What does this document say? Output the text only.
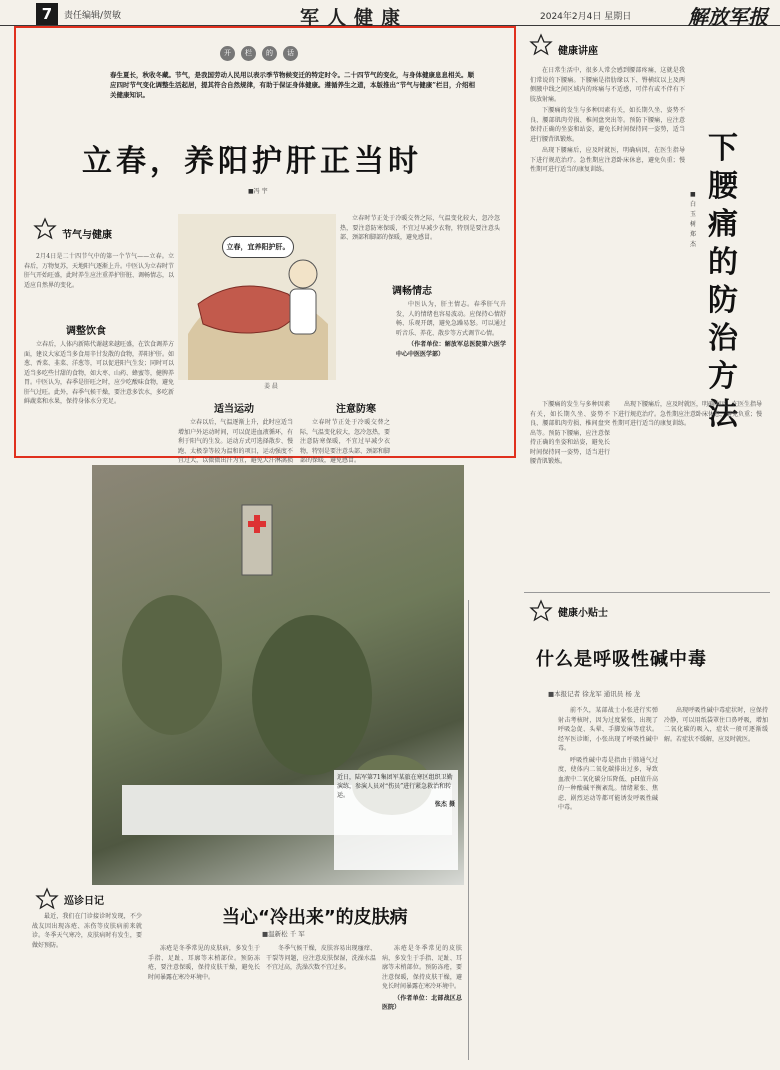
7	责任编辑/贺敏	军人健康	2024年2月4日 星期日	解放军报
开	栏	的	话
春生夏长，秋收冬藏。节气，是我国劳动人民用以表示季节物候变迁的特定时令。二十四节气的变化，与身体健康息息相关。顺应四时节气变化调整生活起居，提其符合自然规律，有助于保证身体健康。遵循养生之道，本版推出“节气与健康”栏目，介绍相关健康知识。
立春，养阳护肝正当时
■冯 宇
节气与健康

2月4日是二十四节气中的第一个节气——立春。立春后，万物复苏，天地阳气逐渐上升。中医认为立春时节肝气开始旺盛，此时养生应注重养护肝脏、调畅情志，以适应自然界的变化。

调整饮食

立春后，人体内新陈代谢越来越旺盛，在饮食调养方面，建议大家适当多食用辛甘发散的食物，养阳护肝。如葱、香菜、韭菜、洋葱等，可以促进阳气生发；同时可以适当多吃些甘甜的食物，如大枣、山药、蜂蜜等，健脾养胃。中医认为，春季是肝旺之时，应少吃酸味食物，避免肝气过旺。此外，春季气候干燥，要注意多饮水，多吃新鲜蔬菜和水果，保持身体水分充足。

立春，宜养阳护肝。
姜 晨
适当运动

立春以后，气温逐渐上升，此时应适当增加户外运动时间，可以促进血液循环，有利于阳气的生发。运动方式可选择散步、慢跑、太极拳等较为温和的项目，运动强度不宜过大，以微微出汗为宜，避免大汗淋漓损

注意防寒

立春时节正处于冷暖交替之际，气温变化较大，忽冷忽热，要注意防寒保暖，不宜过早减少衣物，特别是要注意头部、颈部和脚部的保暖，避免感冒。

立春时节正处于冷暖交替之际，气温变化较大，忽冷忽热，要注意防寒保暖，不宜过早减少衣物，特别是要注意头部、颈部和脚部的保暖，避免感冒。

调畅情志

中医认为，肝主情志。春季肝气升发，人的情绪也容易波动。应保持心情舒畅、乐观开朗，避免急躁易怒。可以通过听音乐、养花、散步等方式调节心情。

（作者单位：解放军总医院第六医学中心中医医学部）

健康讲座
下腰痛的防治方法
■白玉树 郑杰

在日常生活中，很多人常会感到腰部疼痛，这就是我们常说的下腰痛。下腰痛是指肋缘以下、臀横纹以上及两侧腋中线之间区域内的疼痛与不适感，可伴有或不伴有下肢放射痛。

下腰痛的发生与多种因素有关，如长期久坐、姿势不良、腰部肌肉劳损、椎间盘突出等。预防下腰痛，应注意保持正确的坐姿和站姿，避免长时间保持同一姿势，适当进行腰背肌锻炼。

出现下腰痛后，应及时就医，明确病因，在医生指导下进行规范治疗。急性期应注意卧床休息，避免负重；慢性期可进行适当的康复训练。

下腰痛的发生与多种因素有关，如长期久坐、姿势不良、腰部肌肉劳损、椎间盘突出等。预防下腰痛，应注意保持正确的坐姿和站姿，避免长时间保持同一姿势，适当进行腰背肌锻炼。

出现下腰痛后，应及时就医，明确病因，在医生指导下进行规范治疗。急性期应注意卧床休息，避免负重；慢性期可进行适当的康复训练。

健康小贴士
什么是呼吸性碱中毒
■本报记者 徐龙军 通讯员 杨 龙

前不久，某部战士小张进行实弹射击考核时，因为过度紧张，出现了呼吸急促、头晕、手脚发麻等症状。经军医诊断，小张出现了呼吸性碱中毒。

呼吸性碱中毒是指由于肺通气过度，使体内二氧化碳排出过多，导致血液中二氧化碳分压降低、pH值升高的一种酸碱平衡紊乱。情绪紧张、焦虑、剧烈运动等都可能诱发呼吸性碱中毒。

出现呼吸性碱中毒症状时，应保持冷静，可以用纸袋罩住口鼻呼吸，增加二氧化碳的吸入，症状一般可逐渐缓解。若症状不缓解，应及时就医。

近日，陆军第71集团军某旅在寒区组织卫勤演练，参演人员对“伤员”进行紧急救治和转运。

张杰 摄
巡诊日记
当心“冷出来”的皮肤病
■温新松 千 军

最近，我们在门诊接诊时发现，不少战友因出现冻疮、冻伤等皮肤病前来就诊。冬季天气寒冷，皮肤病时有发生，要做好预防。	冻疮是冬季常见的皮肤病，多发生于手指、足趾、耳廓等末梢部位。预防冻疮，要注意保暖，保持皮肤干燥，避免长时间暴露在寒冷环境中。

冬季气候干燥，皮肤容易出现瘙痒、干裂等问题，应注意皮肤保湿，洗澡水温不宜过高，洗澡次数不宜过多。

冻疮是冬季常见的皮肤病，多发生于手指、足趾、耳廓等末梢部位。预防冻疮，要注意保暖，保持皮肤干燥，避免长时间暴露在寒冷环境中。

（作者单位：北部战区总医院）
